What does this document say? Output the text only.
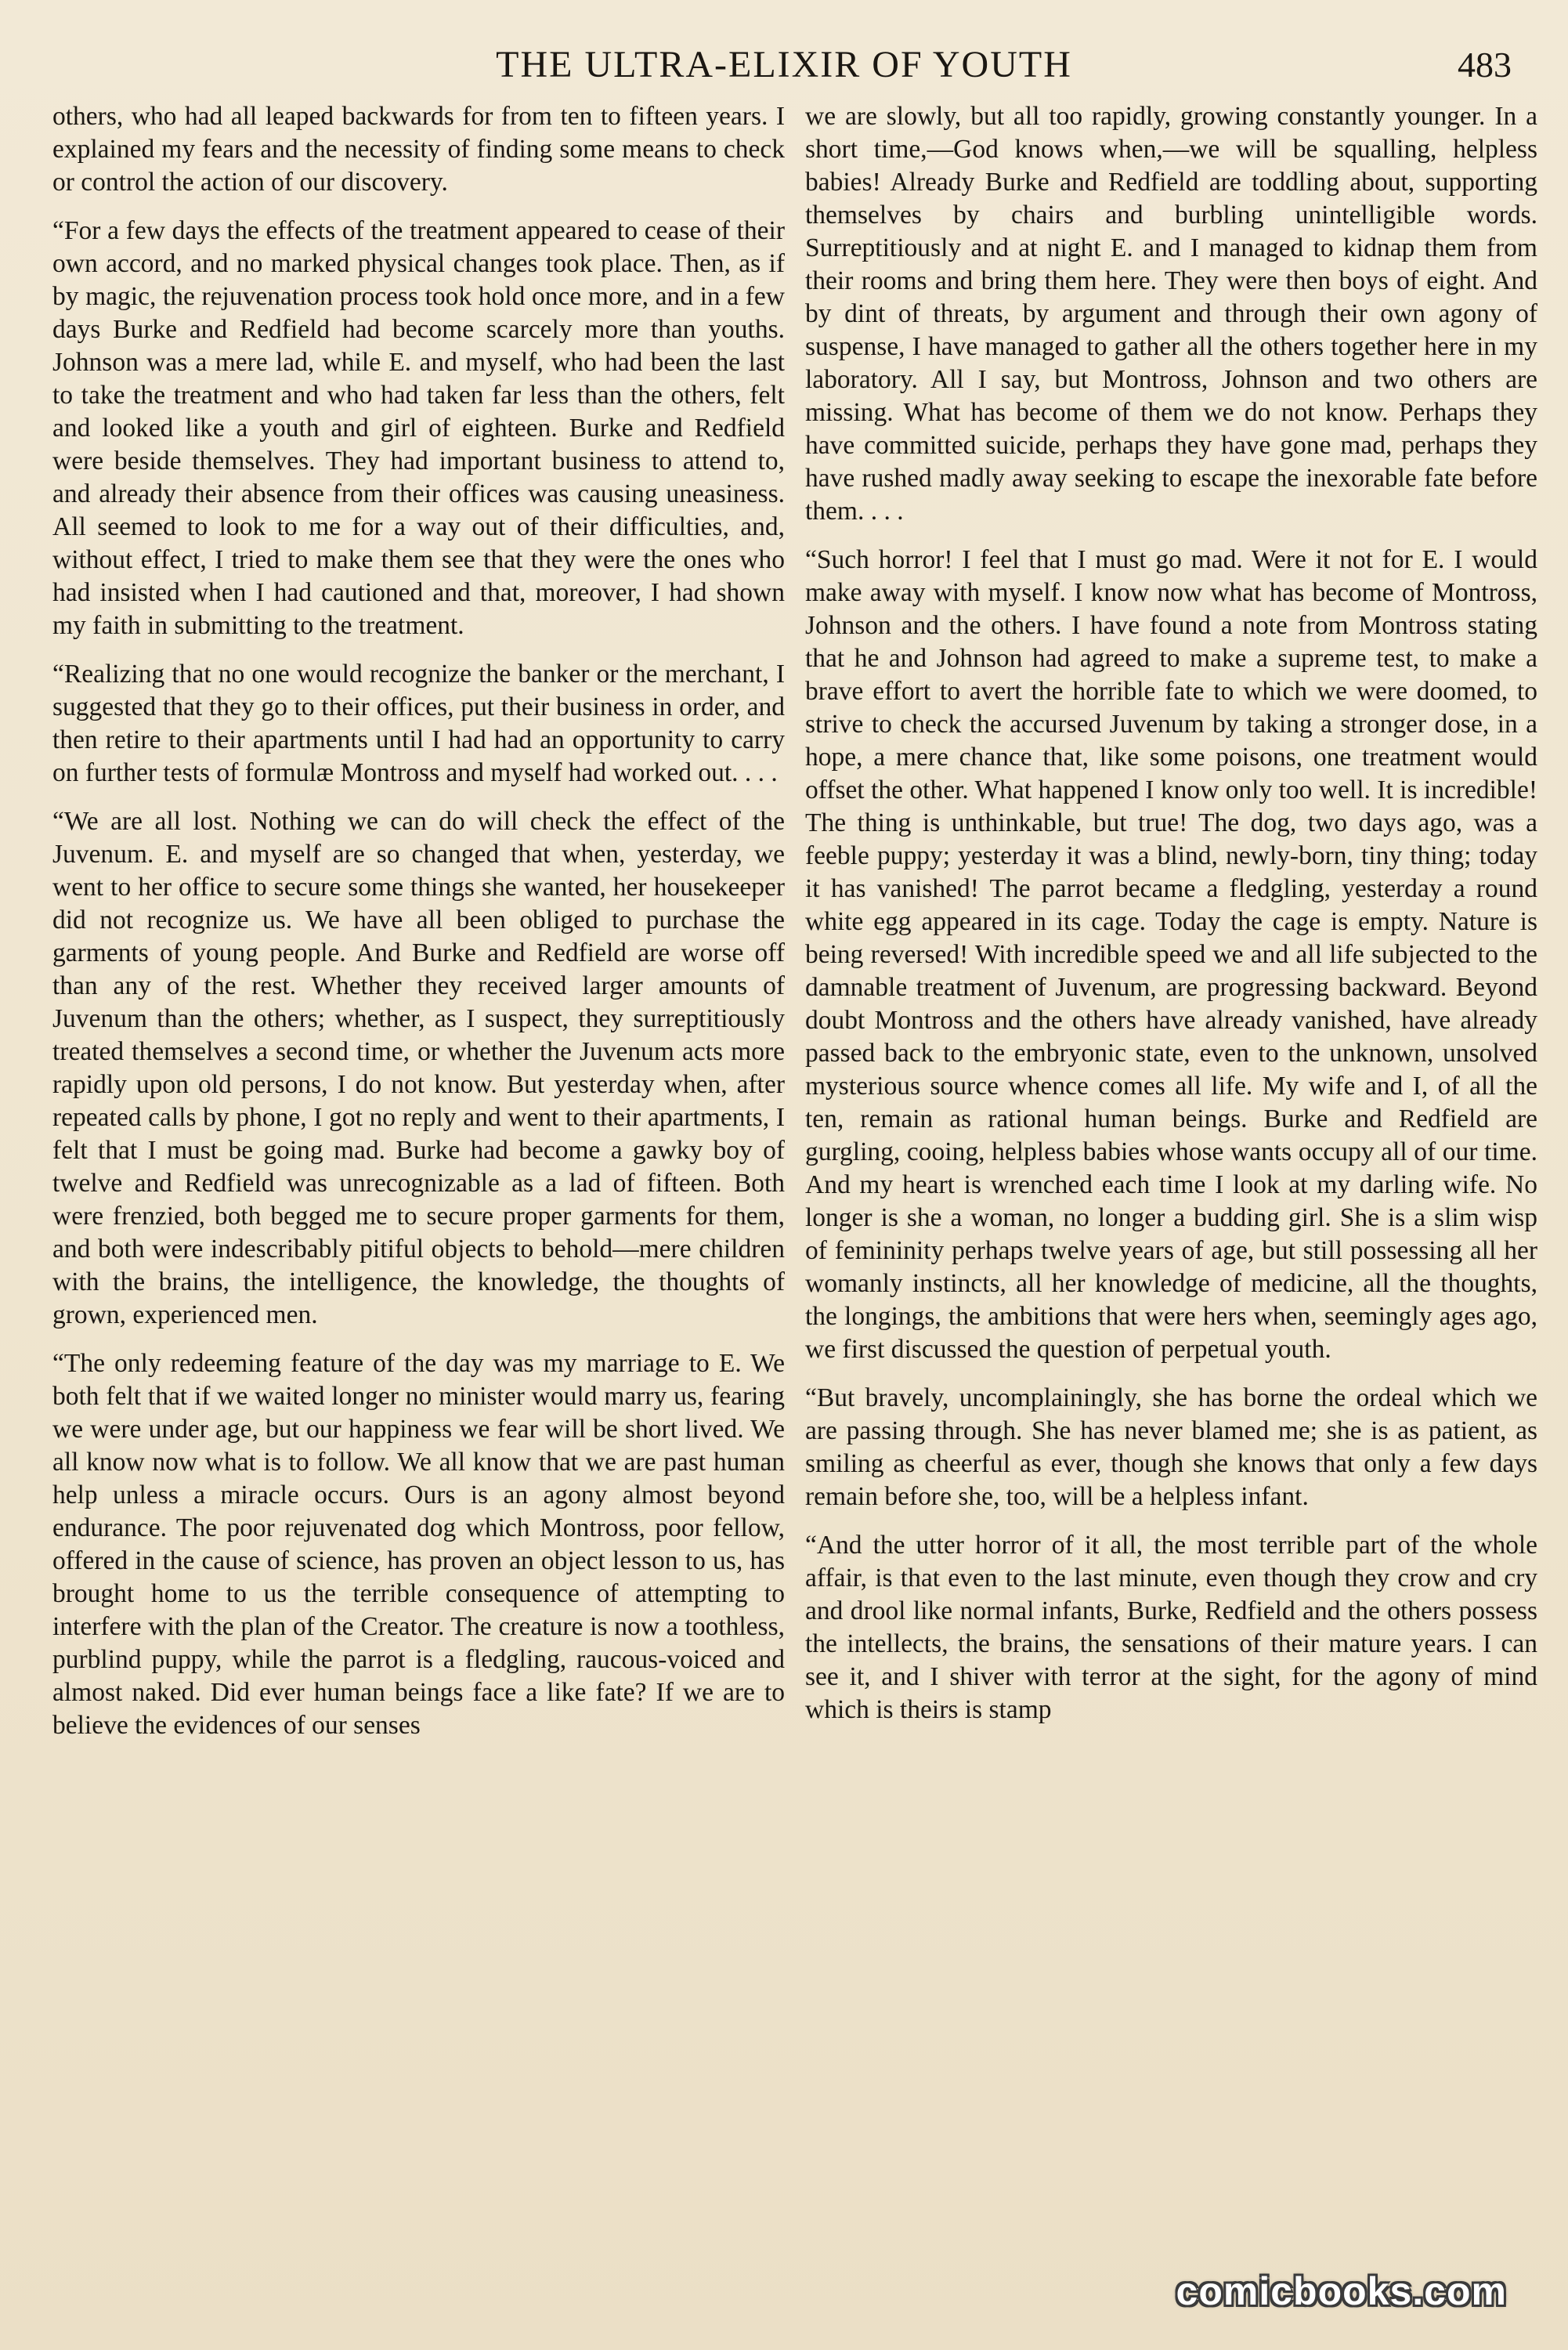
THE ULTRA-ELIXIR OF YOUTH	483

others, who had all leaped backwards for from ten to fifteen years. I explained my fears and the necessity of finding some means to check or control the action of our discovery.

“For a few days the effects of the treatment appeared to cease of their own accord, and no marked physical changes took place. Then, as if by magic, the rejuvenation process took hold once more, and in a few days Burke and Redfield had become scarcely more than youths. Johnson was a mere lad, while E. and myself, who had been the last to take the treatment and who had taken far less than the others, felt and looked like a youth and girl of eighteen. Burke and Redfield were beside themselves. They had important business to attend to, and already their absence from their offices was causing uneasiness. All seemed to look to me for a way out of their difficulties, and, without effect, I tried to make them see that they were the ones who had insisted when I had cautioned and that, moreover, I had shown my faith in submitting to the treatment.

“Realizing that no one would recognize the banker or the merchant, I suggested that they go to their offices, put their business in order, and then retire to their apartments until I had had an opportunity to carry on further tests of formulæ Montross and myself had worked out. . . .

“We are all lost. Nothing we can do will check the effect of the Juvenum. E. and myself are so changed that when, yesterday, we went to her office to secure some things she wanted, her housekeeper did not recognize us. We have all been obliged to purchase the garments of young people. And Burke and Redfield are worse off than any of the rest. Whether they received larger amounts of Juvenum than the others; whether, as I suspect, they surreptitiously treated themselves a second time, or whether the Juvenum acts more rapidly upon old persons, I do not know. But yesterday when, after repeated calls by phone, I got no reply and went to their apartments, I felt that I must be going mad. Burke had become a gawky boy of twelve and Redfield was unrecognizable as a lad of fifteen. Both were frenzied, both begged me to secure proper garments for them, and both were indescribably pitiful objects to behold—mere children with the brains, the intelligence, the knowledge, the thoughts of grown, experienced men.

“The only redeeming feature of the day was my marriage to E. We both felt that if we waited longer no minister would marry us, fearing we were under age, but our happiness we fear will be short lived. We all know now what is to follow. We all know that we are past human help unless a miracle occurs. Ours is an agony almost beyond endurance. The poor rejuvenated dog which Montross, poor fellow, offered in the cause of science, has proven an object lesson to us, has brought home to us the terrible consequence of attempting to interfere with the plan of the Creator. The creature is now a toothless, purblind puppy, while the parrot is a fledgling, raucous-voiced and almost naked. Did ever human beings face a like fate? If we are to believe the evidences of our senses

we are slowly, but all too rapidly, growing constantly younger. In a short time,—God knows when,—we will be squalling, helpless babies! Already Burke and Redfield are toddling about, supporting themselves by chairs and burbling unintelligible words. Surreptitiously and at night E. and I managed to kidnap them from their rooms and bring them here. They were then boys of eight. And by dint of threats, by argument and through their own agony of suspense, I have managed to gather all the others together here in my laboratory. All I say, but Montross, Johnson and two others are missing. What has become of them we do not know. Perhaps they have committed suicide, perhaps they have gone mad, perhaps they have rushed madly away seeking to escape the inexorable fate before them. . . .

“Such horror! I feel that I must go mad. Were it not for E. I would make away with myself. I know now what has become of Montross, Johnson and the others. I have found a note from Montross stating that he and Johnson had agreed to make a supreme test, to make a brave effort to avert the horrible fate to which we were doomed, to strive to check the accursed Juvenum by taking a stronger dose, in a hope, a mere chance that, like some poisons, one treatment would offset the other. What happened I know only too well. It is incredible! The thing is unthinkable, but true! The dog, two days ago, was a feeble puppy; yesterday it was a blind, newly-born, tiny thing; today it has vanished! The parrot became a fledgling, yesterday a round white egg appeared in its cage. Today the cage is empty. Nature is being reversed! With incredible speed we and all life subjected to the damnable treatment of Juvenum, are progressing backward. Beyond doubt Montross and the others have already vanished, have already passed back to the embryonic state, even to the unknown, unsolved mysterious source whence comes all life. My wife and I, of all the ten, remain as rational human beings. Burke and Redfield are gurgling, cooing, helpless babies whose wants occupy all of our time. And my heart is wrenched each time I look at my darling wife. No longer is she a woman, no longer a budding girl. She is a slim wisp of femininity perhaps twelve years of age, but still possessing all her womanly instincts, all her knowledge of medicine, all the thoughts, the longings, the ambitions that were hers when, seemingly ages ago, we first discussed the question of perpetual youth.

“But bravely, uncomplainingly, she has borne the ordeal which we are passing through. She has never blamed me; she is as patient, as smiling as cheerful as ever, though she knows that only a few days remain before she, too, will be a helpless infant.

“And the utter horror of it all, the most terrible part of the whole affair, is that even to the last minute, even though they crow and cry and drool like normal infants, Burke, Redfield and the others possess the intellects, the brains, the sensations of their mature years. I can see it, and I shiver with terror at the sight, for the agony of mind which is theirs is stamp

comicbooks.com
